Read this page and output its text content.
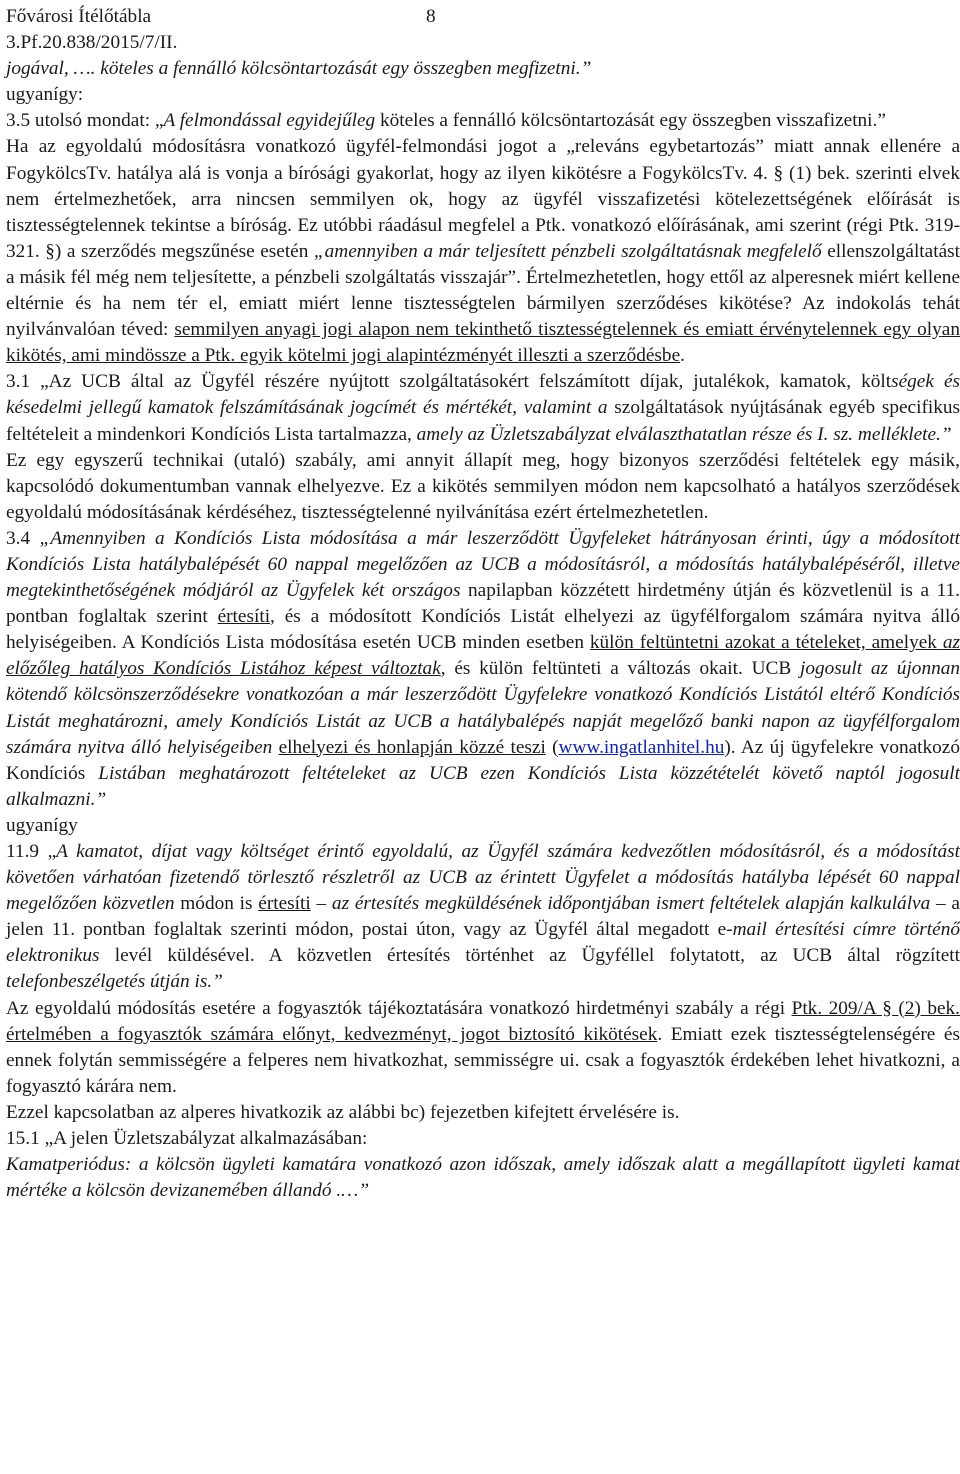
Fővárosi Ítélőtábla	8
3.Pf.20.838/2015/7/II.

jogával, …. köteles a fennálló kölcsöntartozását egy összegben megfizetni.”

ugyanígy:

3.5 utolsó mondat: „A felmondással egyidejűleg köteles a fennálló kölcsöntartozását egy összegben visszafizetni.”

Ha az egyoldalú módosításra vonatkozó ügyfél-felmondási jogot a „releváns egybetartozás” miatt annak ellenére a FogykölcsTv. hatálya alá is vonja a bírósági gyakorlat, hogy az ilyen kikötésre a FogykölcsTv. 4. § (1) bek. szerinti elvek nem értelmezhetőek, arra nincsen semmilyen ok, hogy az ügyfél visszafizetési kötelezettségének előírását is tisztességtelennek tekintse a bíróság. Ez utóbbi ráadásul megfelel a Ptk. vonatkozó előírásának, ami szerint (régi Ptk. 319-321. §) a szerződés megszűnése esetén „amennyiben a már teljesített pénzbeli szolgáltatásnak megfelelő ellenszolgáltatást a másik fél még nem teljesítette, a pénzbeli szolgáltatás visszajár”. Értelmezhetetlen, hogy ettől az alperesnek miért kellene eltérnie és ha nem tér el, emiatt miért lenne tisztességtelen bármilyen szerződéses kikötése? Az indokolás tehát nyilvánvalóan téved: semmilyen anyagi jogi alapon nem tekinthető tisztességtelennek és emiatt érvénytelennek egy olyan kikötés, ami mindössze a Ptk. egyik kötelmi jogi alapintézményét illeszti a szerződésbe.

3.1 „Az UCB által az Ügyfél részére nyújtott szolgáltatásokért felszámított díjak, jutalékok, kamatok, költségek és késedelmi jellegű kamatok felszámításának jogcímét és mértékét, valamint a szolgáltatások nyújtásának egyéb specifikus feltételeit a mindenkori Kondíciós Lista tartalmazza, amely az Üzletszabályzat elválaszthatatlan része és I. sz. melléklete.”

Ez egy egyszerű technikai (utaló) szabály, ami annyit állapít meg, hogy bizonyos szerződési feltételek egy másik, kapcsolódó dokumentumban vannak elhelyezve. Ez a kikötés semmilyen módon nem kapcsolható a hatályos szerződések egyoldalú módosításának kérdéséhez, tisztességtelenné nyilvánítása ezért értelmezhetetlen.

3.4 „Amennyiben a Kondíciós Lista módosítása a már leszerződött Ügyfeleket hátrányosan érinti, úgy a módosított Kondíciós Lista hatálybalépését 60 nappal megelőzően az UCB a módosításról, a módosítás hatálybalépéséről, illetve megtekinthetőségének módjáról az Ügyfelek két országos napilapban közzétett hirdetmény útján és közvetlenül is a 11. pontban foglaltak szerint értesíti, és a módosított Kondíciós Listát elhelyezi az ügyfélforgalom számára nyitva álló helyiségeiben. A Kondíciós Lista módosítása esetén UCB minden esetben külön feltüntetni azokat a tételeket, amelyek az előzőleg hatályos Kondíciós Listához képest változtak, és külön feltünteti a változás okait. UCB jogosult az újonnan kötendő kölcsönszerződésekre vonatkozóan a már leszerződött Ügyfelekre vonatkozó Kondíciós Listától eltérő Kondíciós Listát meghatározni, amely Kondíciós Listát az UCB a hatálybalépés napját megelőző banki napon az ügyfélforgalom számára nyitva álló helyiségeiben elhelyezi és honlapján közzé teszi (www.ingatlanhitel.hu). Az új ügyfelekre vonatkozó Kondíciós Listában meghatározott feltételeket az UCB ezen Kondíciós Lista közzétételét követő naptól jogosult alkalmazni.”

ugyanígy

11.9 „A kamatot, díjat vagy költséget érintő egyoldalú, az Ügyfél számára kedvezőtlen módosításról, és a módosítást követően várhatóan fizetendő törlesztő részletről az UCB az érintett Ügyfelet a módosítás hatályba lépését 60 nappal megelőzően közvetlen módon is értesíti – az értesítés megküldésének időpontjában ismert feltételek alapján kalkulálva – a jelen 11. pontban foglaltak szerinti módon, postai úton, vagy az Ügyfél által megadott e-mail értesítési címre történő elektronikus levél küldésével. A közvetlen értesítés történhet az Ügyféllel folytatott, az UCB által rögzített telefonbeszélgetés útján is.”

Az egyoldalú módosítás esetére a fogyasztók tájékoztatására vonatkozó hirdetményi szabály a régi Ptk. 209/A § (2) bek. értelmében a fogyasztók számára előnyt, kedvezményt, jogot biztosító kikötések. Emiatt ezek tisztességtelenségére és ennek folytán semmisségére a felperes nem hivatkozhat, semmisségre ui. csak a fogyasztók érdekében lehet hivatkozni, a fogyasztó kárára nem.

Ezzel kapcsolatban az alperes hivatkozik az alábbi bc) fejezetben kifejtett érvelésére is.

15.1 „A jelen Üzletszabályzat alkalmazásában:

Kamatperiódus: a kölcsön ügyleti kamatára vonatkozó azon időszak, amely időszak alatt a megállapított ügyleti kamat mértéke a kölcsön devizanemében állandó .…”
